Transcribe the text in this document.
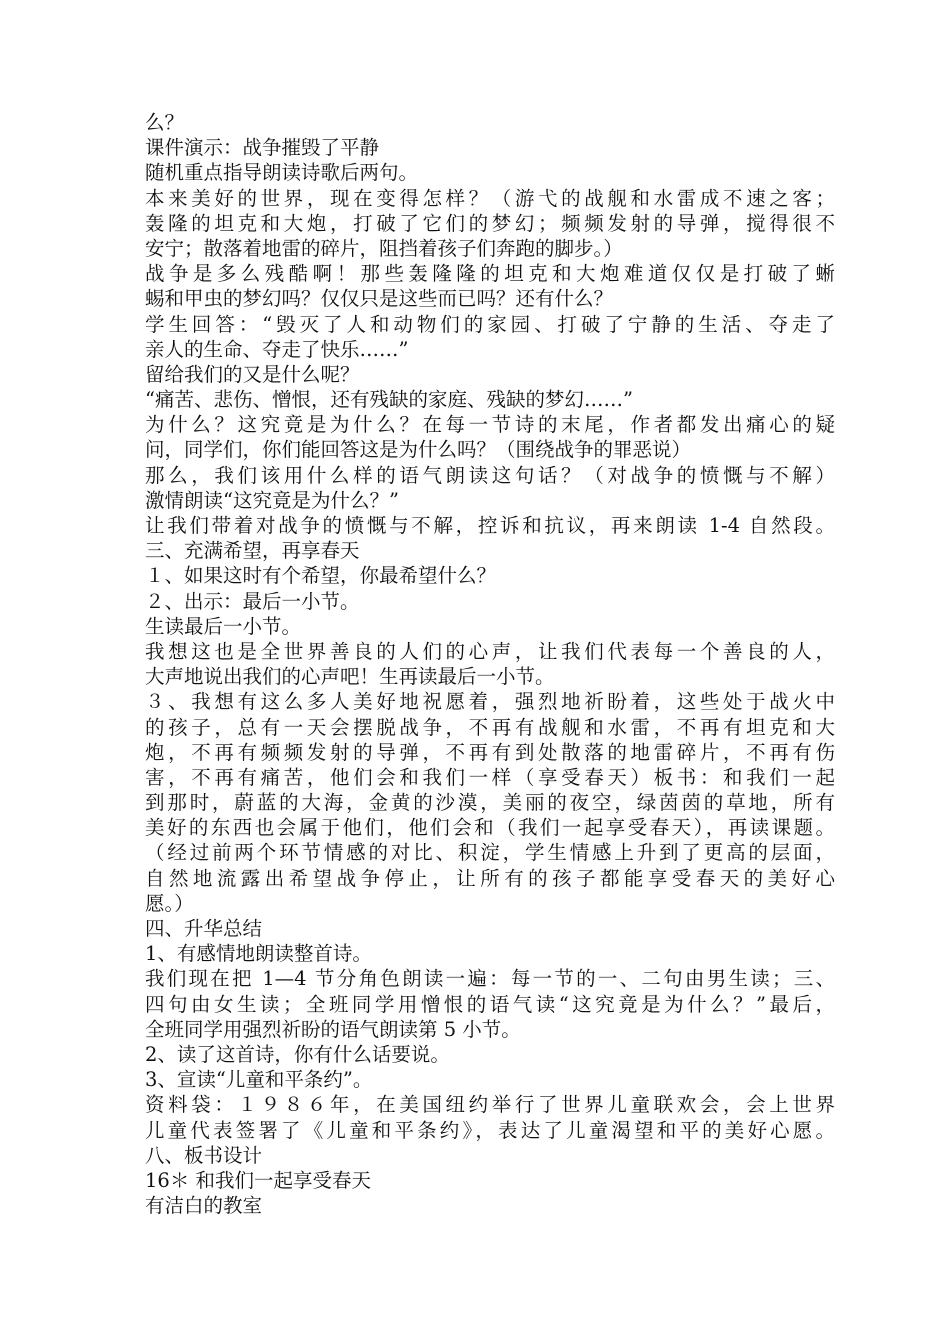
么？
课件演示：战争摧毁了平静
随机重点指导朗读诗歌后两句。
本来美好的世界，现在变得怎样？（游弋的战舰和水雷成不速之客；
轰隆的坦克和大炮，打破了它们的梦幻；频频发射的导弹，搅得很不
安宁；散落着地雷的碎片，阻挡着孩子们奔跑的脚步。）
战争是多么残酷啊！那些轰隆隆的坦克和大炮难道仅仅是打破了蜥
蜴和甲虫的梦幻吗？仅仅只是这些而已吗？还有什么？
学生回答：“毁灭了人和动物们的家园、打破了宁静的生活、夺走了
亲人的生命、夺走了快乐……”
留给我们的又是什么呢？
“痛苦、悲伤、憎恨，还有残缺的家庭、残缺的梦幻……”
为什么？这究竟是为什么？在每一节诗的末尾，作者都发出痛心的疑
问，同学们，你们能回答这是为什么吗？（围绕战争的罪恶说）
那么，我们该用什么样的语气朗读这句话？（对战争的愤慨与不解）
激情朗读“这究竟是为什么？”
让我们带着对战争的愤慨与不解，控诉和抗议，再来朗读 1-4 自然段。
三、充满希望，再享春天
１、如果这时有个希望，你最希望什么？
２、出示：最后一小节。
生读最后一小节。
我想这也是全世界善良的人们的心声，让我们代表每一个善良的人，
大声地说出我们的心声吧！生再读最后一小节。
３、我想有这么多人美好地祝愿着，强烈地祈盼着，这些处于战火中
的孩子，总有一天会摆脱战争，不再有战舰和水雷，不再有坦克和大
炮，不再有频频发射的导弹，不再有到处散落的地雷碎片，不再有伤
害，不再有痛苦，他们会和我们一样（享受春天）板书：和我们一起
到那时，蔚蓝的大海，金黄的沙漠，美丽的夜空，绿茵茵的草地，所有
美好的东西也会属于他们，他们会和（我们一起享受春天），再读课题。
（经过前两个环节情感的对比、积淀，学生情感上升到了更高的层面，
自然地流露出希望战争停止，让所有的孩子都能享受春天的美好心
愿。）
四、升华总结
1、有感情地朗读整首诗。
我们现在把 1—4 节分角色朗读一遍：每一节的一、二句由男生读；三、
四句由女生读；全班同学用憎恨的语气读“这究竟是为什么？”最后，
全班同学用强烈祈盼的语气朗读第 5 小节。
2、读了这首诗，你有什么话要说。
3、宣读“儿童和平条约”。
资料袋：１９８６年，在美国纽约举行了世界儿童联欢会，会上世界
儿童代表签署了《儿童和平条约》，表达了儿童渴望和平的美好心愿。
八、板书设计
16＊ 和我们一起享受春天
有洁白的教室
